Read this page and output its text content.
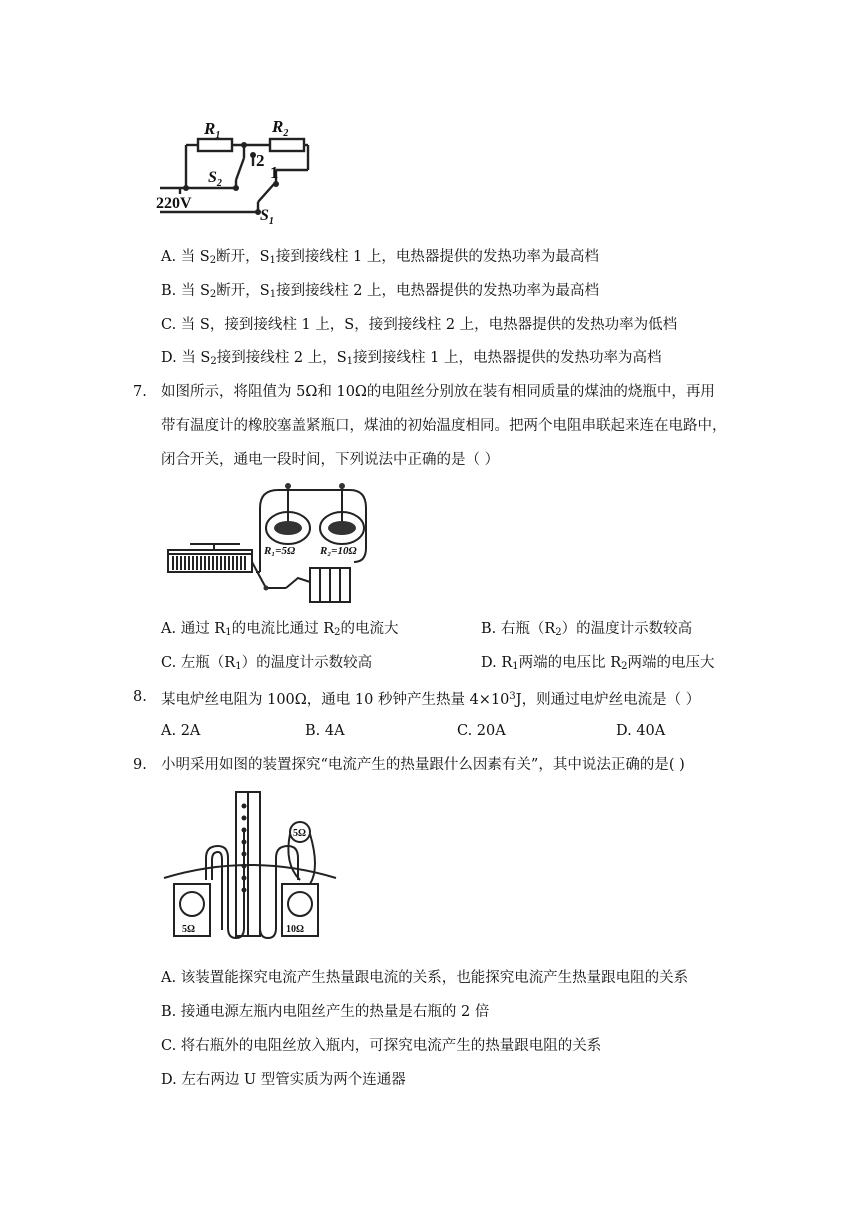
$R_1$	$R_2$
$S_2$
2
1
220V
$S_1$
A. 当 $S_2$断开，$S_1$接到接线柱 1 上，电热器提供的发热功率为最高档
B. 当 $S_2$断开，$S_1$接到接线柱 2 上，电热器提供的发热功率为最高档
C. 当 S，接到接线柱 1 上，S，接到接线柱 2 上，电热器提供的发热功率为低档
D. 当 $S_2$接到接线柱 2 上，$S_1$接到接线柱 1 上，电热器提供的发热功率为高档
7. 如图所示，将阻值为 5Ω和 10Ω的电阻丝分别放在装有相同质量的煤油的烧瓶中，再用
带有温度计的橡胶塞盖紧瓶口，煤油的初始温度相同。把两个电阻串联起来连在电路中，
闭合开关，通电一段时间，下列说法中正确的是（ ）
R₁=5Ω R₂=10Ω
A. 通过 $R_1$的电流比通过 $R_2$的电流大	B. 右瓶$(R_2)$的温度计示数较高
C. 左瓶$(R_1)$的温度计示数较高	D. $R_1$两端的电压比 $R_2$两端的电压大
8. 某电炉丝电阻为 100Ω，通电 10 秒钟产生热量 $4\times 10^3J$，则通过电炉丝电流是（ ）
A. 2A	B. 4A	C. 20A	D. 40A
9. 小明采用如图的装置探究“电流产生的热量跟什么因素有关”，其中说法正确的是( )
5Ω	10Ω
5Ω
A. 该装置能探究电流产生热量跟电流的关系，也能探究电流产生热量跟电阻的关系
B. 接通电源左瓶内电阻丝产生的热量是右瓶的 2 倍
C. 将右瓶外的电阻丝放入瓶内，可探究电流产生的热量跟电阻的关系
D. 左右两边 U 型管实质为两个连通器
